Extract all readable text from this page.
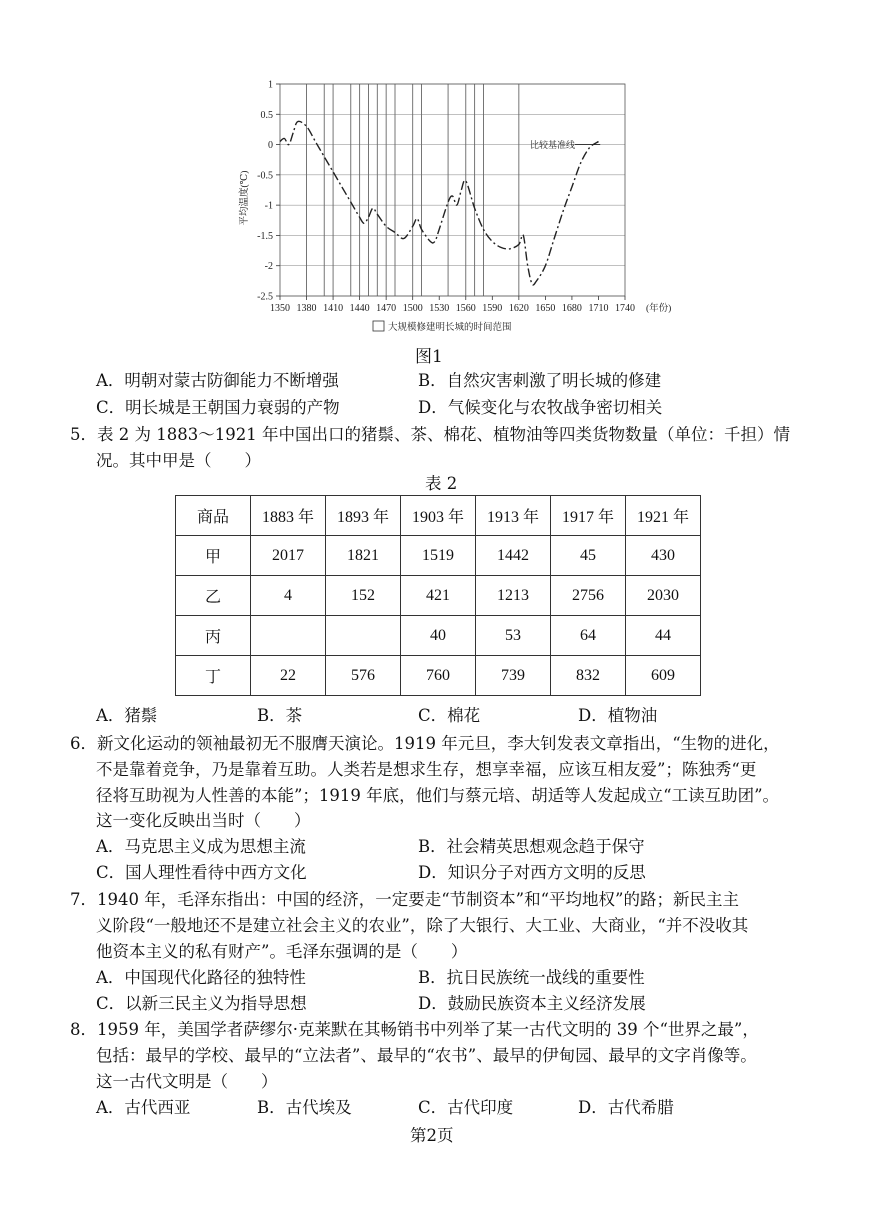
1
0.5
0
-0.5
-1
-1.5
-2
-2.5
1350 1380 1410 1440 1470 1500 1530 1560 1590 1620 1650 1680 1710 1740
比较基准线
平均温度(℃)
(年份)
大规模修建明长城的时间范围
图1
A．明朝对蒙古防御能力不断增强	B．自然灾害刺激了明长城的修建
C．明长城是王朝国力衰弱的产物	D．气候变化与农牧战争密切相关
5．表 2 为 1883～1921 年中国出口的猪鬃、茶、棉花、植物油等四类货物数量（单位：千担）情
况。其中甲是（　　）
表 2
商品	1883 年	1893 年	1903 年	1913 年	1917 年	1921 年
甲	2017	1821	1519	1442	45	430
乙	4	152	421	1213	2756	2030
丙			40	53	64	44
丁	22	576	760	739	832	609
A．猪鬃	B．茶	C．棉花	D．植物油
6．新文化运动的领袖最初无不服膺天演论。1919 年元旦，李大钊发表文章指出，“生物的进化，
不是靠着竞争，乃是靠着互助。人类若是想求生存，想享幸福，应该互相友爱”；陈独秀“更
径将互助视为人性善的本能”；1919 年底，他们与蔡元培、胡适等人发起成立“工读互助团”。
这一变化反映出当时（　　）
A．马克思主义成为思想主流	B．社会精英思想观念趋于保守
C．国人理性看待中西方文化	D．知识分子对西方文明的反思
7．1940 年，毛泽东指出：中国的经济，一定要走“节制资本”和“平均地权”的路；新民主主
义阶段“一般地还不是建立社会主义的农业”，除了大银行、大工业、大商业，“并不没收其
他资本主义的私有财产”。毛泽东强调的是（　　）
A．中国现代化路径的独特性	B．抗日民族统一战线的重要性
C．以新三民主义为指导思想	D．鼓励民族资本主义经济发展
8．1959 年，美国学者萨缪尔·克莱默在其畅销书中列举了某一古代文明的 39 个“世界之最”，
包括：最早的学校、最早的“立法者”、最早的“农书”、最早的伊甸园、最早的文字肖像等。
这一古代文明是（　　）
A．古代西亚	B．古代埃及	C．古代印度	D．古代希腊
第2页
